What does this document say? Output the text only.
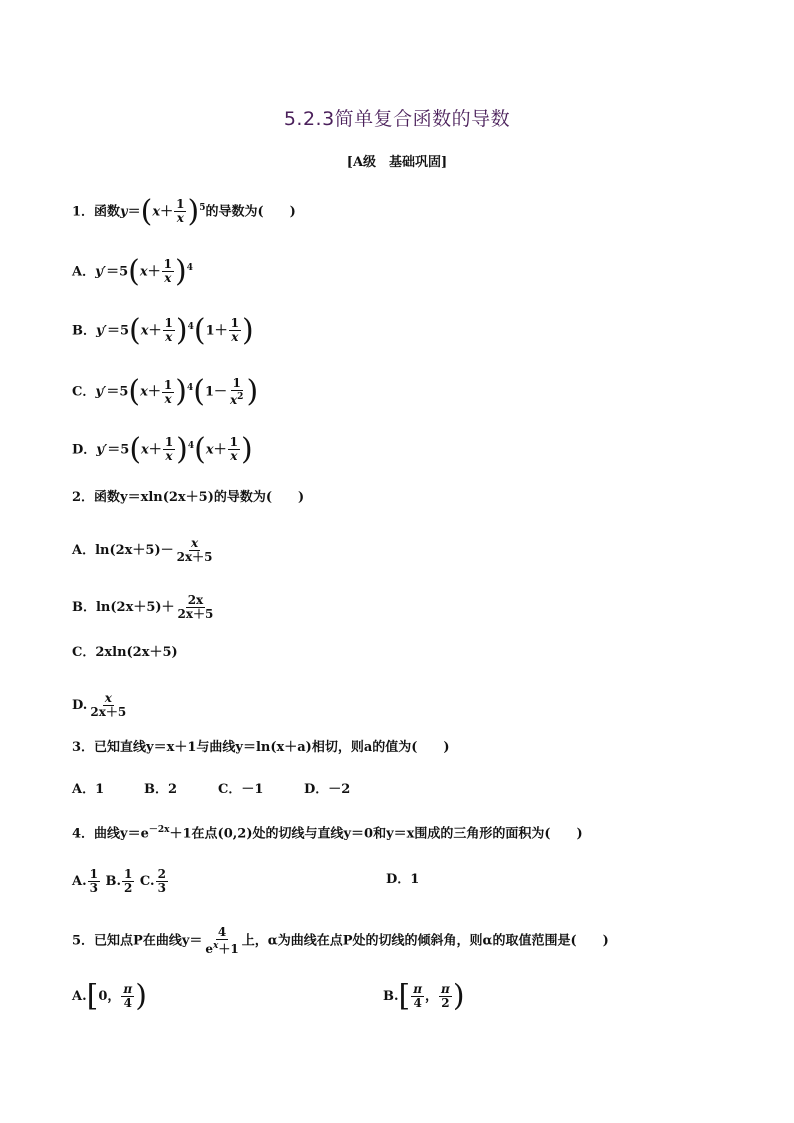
5.2.3简单复合函数的导数
[A级　基础巩固]
1．函数$y=(x+ \frac{1}{x} )^5$的导数为(　　)
A．$y'=5(x+ \frac{1}{x} )^4$
B．$y'=5(x+ \frac{1}{x} )^4(1+ \frac{1}{x}$ )
C．$y'=5(x+ \frac{1}{x} )^4(1- \frac{1}{x^2}$ )
D．$y'=5(x+ \frac{1}{x} )^4(x+ \frac{1}{x}$ )
2．函数y＝xln(2x＋5)的导数为(　　)
A．$\ln(2x+5)- \frac{x}{2x+5}$
B．$\ln(2x+5)+ \frac{2x}{2x+5}$
C．2xln(2x＋5)
D. $\frac{x}{2x+5}$
3．已知直线y＝x＋1与曲线y＝ln(x＋a)相切，则a的值为(　　)
A．1	B．2	C．－1	D．－2
4．曲线$y=e^{-2x}+1$在点(0,2)处的切线与直线y＝0和y＝x围成的三角形的面积为(　　)
A. $\frac{1}{3} B$. $\frac{1}{2} C$. $\frac{2}{3}$	D．1
5．已知点P在曲线$y= \frac{4}{e^x+1}$ 上，α为曲线在点P处的切线的倾斜角，则α的取值范围是(　　)
A.[0， $\frac{\pi}{4}$ )	$B.[ \frac{\pi}{4}$ ， $\frac{\pi}{2}$ )
